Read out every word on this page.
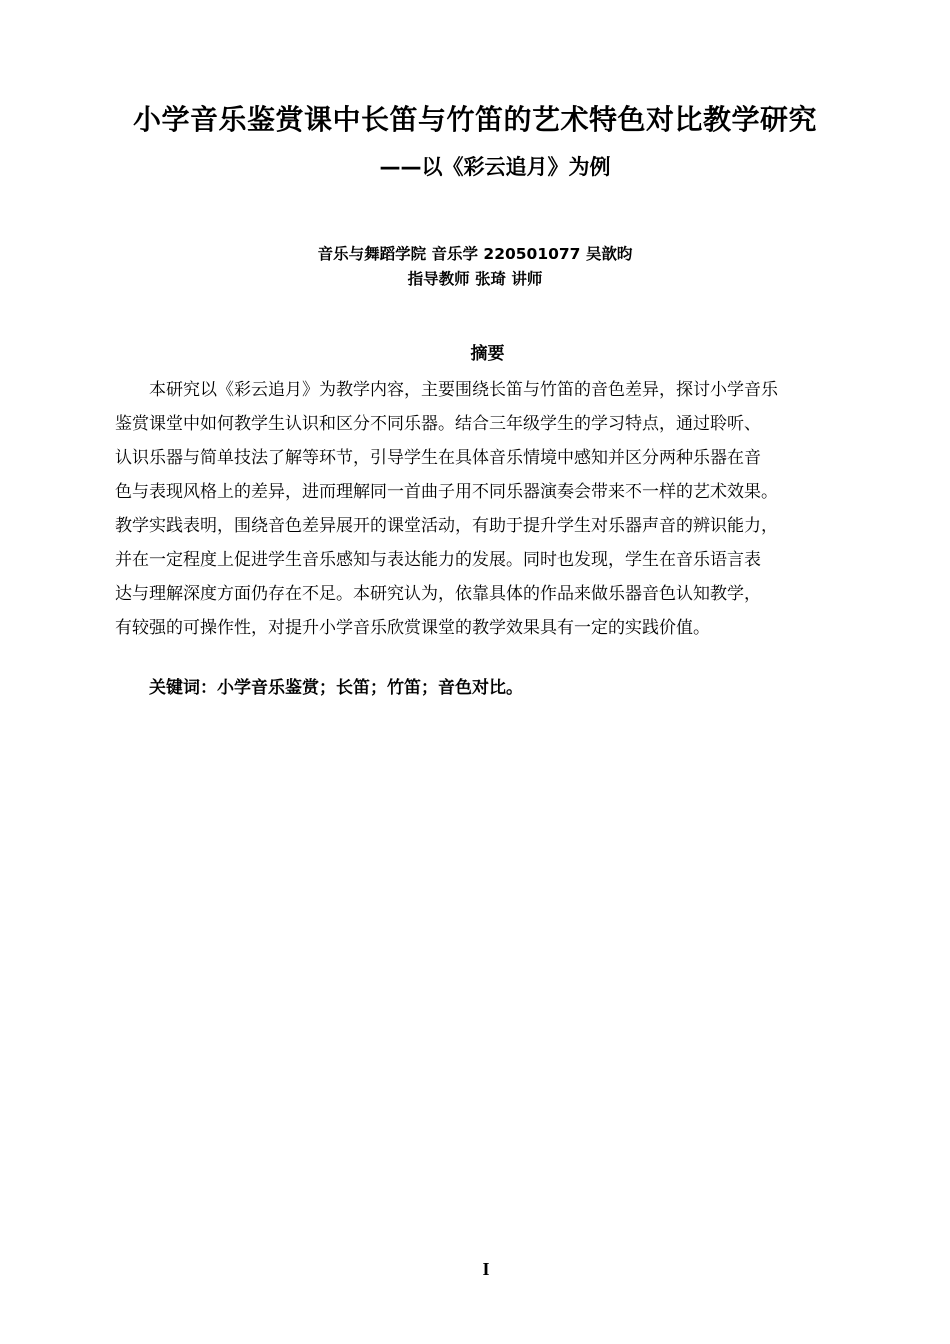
小学音乐鉴赏课中长笛与竹笛的艺术特色对比教学研究
——以《彩云追月》为例
音乐与舞蹈学院 音乐学 220501077 吴歆昀
指导教师 张琦 讲师
摘要
本研究以《彩云追月》为教学内容，主要围绕长笛与竹笛的音色差异，探讨小学音乐
鉴赏课堂中如何教学生认识和区分不同乐器。结合三年级学生的学习特点，通过聆听、
认识乐器与简单技法了解等环节，引导学生在具体音乐情境中感知并区分两种乐器在音
色与表现风格上的差异，进而理解同一首曲子用不同乐器演奏会带来不一样的艺术效果。
教学实践表明，围绕音色差异展开的课堂活动，有助于提升学生对乐器声音的辨识能力，
并在一定程度上促进学生音乐感知与表达能力的发展。同时也发现，学生在音乐语言表
达与理解深度方面仍存在不足。本研究认为，依靠具体的作品来做乐器音色认知教学，
有较强的可操作性，对提升小学音乐欣赏课堂的教学效果具有一定的实践价值。
关键词：小学音乐鉴赏；长笛；竹笛；音色对比。
I
